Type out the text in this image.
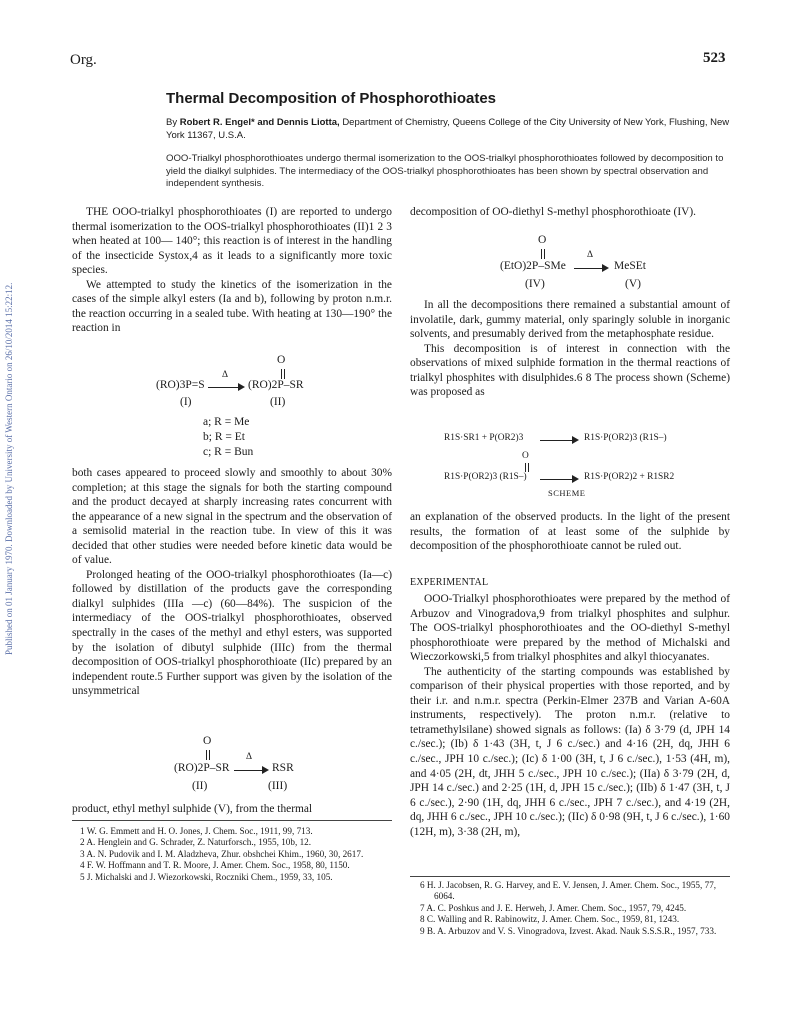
Published on 01 January 1970. Downloaded by University of Western Ontario on 26/10/2014 15:22:12.
Org.	523
Thermal Decomposition of Phosphorothioates
By Robert R. Engel* and Dennis Liotta, Department of Chemistry, Queens College of the City University of New York, Flushing, New York 11367, U.S.A.
OOO-Trialkyl phosphorothioates undergo thermal isomerization to the OOS-trialkyl phosphorothioates followed by decomposition to yield the dialkyl sulphides. The intermediacy of the OOS-trialkyl phosphorothioates has been shown by spectral observation and independent synthesis.

THE OOO-trialkyl phosphorothioates (I) are reported to undergo thermal isomerization to the OOS-trialkyl phosphorothioates (II)1 2 3 when heated at 100— 140°; this reaction is of interest in the handling of the insecticide Systox,4 as it leads to a significantly more toxic species.

We attempted to study the kinetics of the isomerization in the cases of the simple alkyl esters (Ia and b), following by proton n.m.r. the reaction occurring in a sealed tube. With heating at 130—190° the reaction in

O
(RO)3P=S
Δ
(RO)2P–SR
(I)	(II)
a; R = Me
b; R = Et
c; R = Bun

both cases appeared to proceed slowly and smoothly to about 30% completion; at this stage the signals for both the starting compound and the product decayed at sharply increasing rates concurrent with the appearance of a new signal in the spectrum and the observation of a semisolid material in the reaction tube. In view of this it was decided that other studies were needed before kinetic data would be of value.

Prolonged heating of the OOO-trialkyl phosphorothioates (Ia—c) followed by distillation of the products gave the corresponding dialkyl sulphides (IIIa —c) (60—84%). The suspicion of the intermediacy of the OOS-trialkyl phosphorothioates, observed spectrally in the cases of the methyl and ethyl esters, was supported by the isolation of dibutyl sulphide (IIIc) from the thermal decomposition of OOS-trialkyl phosphorothioate (IIc) prepared by an independent route.5 Further support was given by the isolation of the unsymmetrical

O
(RO)2P–SR
Δ
RSR
(II)	(III)

product, ethyl methyl sulphide (V), from the thermal

1 W. G. Emmett and H. O. Jones, J. Chem. Soc., 1911, 99, 713.
2 A. Henglein and G. Schrader, Z. Naturforsch., 1955, 10b, 12.
3 A. N. Pudovik and I. M. Aladzheva, Zhur. obshchei Khim., 1960, 30, 2617.
4 F. W. Hoffmann and T. R. Moore, J. Amer. Chem. Soc., 1958, 80, 1150.
5 J. Michalski and J. Wiezorkowski, Roczniki Chem., 1959, 33, 105.

decomposition of OO-diethyl S-methyl phosphorothioate (IV).

O
(EtO)2P–SMe
Δ
MeSEt
(IV)	(V)

In all the decompositions there remained a substantial amount of involatile, dark, gummy material, only sparingly soluble in inorganic solvents, and presumably derived from the metaphosphate residue.

This decomposition is of interest in connection with the observations of mixed sulphide formation in the thermal reactions of trialkyl phosphites with disulphides.6 8 The process shown (Scheme) was proposed as

R1S·SR1 + P(OR2)3	R1S·P(OR2)3 (R1S–)
O
R1S·P(OR2)3 (R1S–)	R1S·P(OR2)2 + R1SR2
SCHEME

an explanation of the observed products. In the light of the present results, the formation of at least some of the sulphide by decomposition of the phosphorothioate cannot be ruled out.

EXPERIMENTAL

OOO-Trialkyl phosphorothioates were prepared by the method of Arbuzov and Vinogradova,9 from trialkyl phosphites and sulphur. The OOS-trialkyl phosphorothioates and the OO-diethyl S-methyl phosphorothioate were prepared by the method of Michalski and Wieczorkowski,5 from trialkyl phosphites and alkyl thiocyanates.

The authenticity of the starting compounds was established by comparison of their physical properties with those reported, and by their i.r. and n.m.r. spectra (Perkin-Elmer 237B and Varian A-60A instruments, respectively). The proton n.m.r. (relative to tetramethylsilane) showed signals as follows: (Ia) δ 3·79 (d, JPH 14 c./sec.); (Ib) δ 1·43 (3H, t, J 6 c./sec.) and 4·16 (2H, dq, JHH 6 c./sec., JPH 10 c./sec.); (Ic) δ 1·00 (3H, t, J 6 c./sec.), 1·53 (4H, m), and 4·05 (2H, dt, JHH 5 c./sec., JPH 10 c./sec.); (IIa) δ 3·79 (2H, d, JPH 14 c./sec.) and 2·25 (1H, d, JPH 15 c./sec.); (IIb) δ 1·47 (3H, t, J 6 c./sec.), 2·90 (1H, dq, JHH 6 c./sec., JPH 7 c./sec.), and 4·19 (2H, dq, JHH 6 c./sec., JPH 10 c./sec.); (IIc) δ 0·98 (9H, t, J 6 c./sec.), 1·60 (12H, m), 3·38 (2H, m),

6 H. J. Jacobsen, R. G. Harvey, and E. V. Jensen, J. Amer. Chem. Soc., 1955, 77, 6064.
7 A. C. Poshkus and J. E. Herweh, J. Amer. Chem. Soc., 1957, 79, 4245.
8 C. Walling and R. Rabinowitz, J. Amer. Chem. Soc., 1959, 81, 1243.
9 B. A. Arbuzov and V. S. Vinogradova, Izvest. Akad. Nauk S.S.S.R., 1957, 733.
